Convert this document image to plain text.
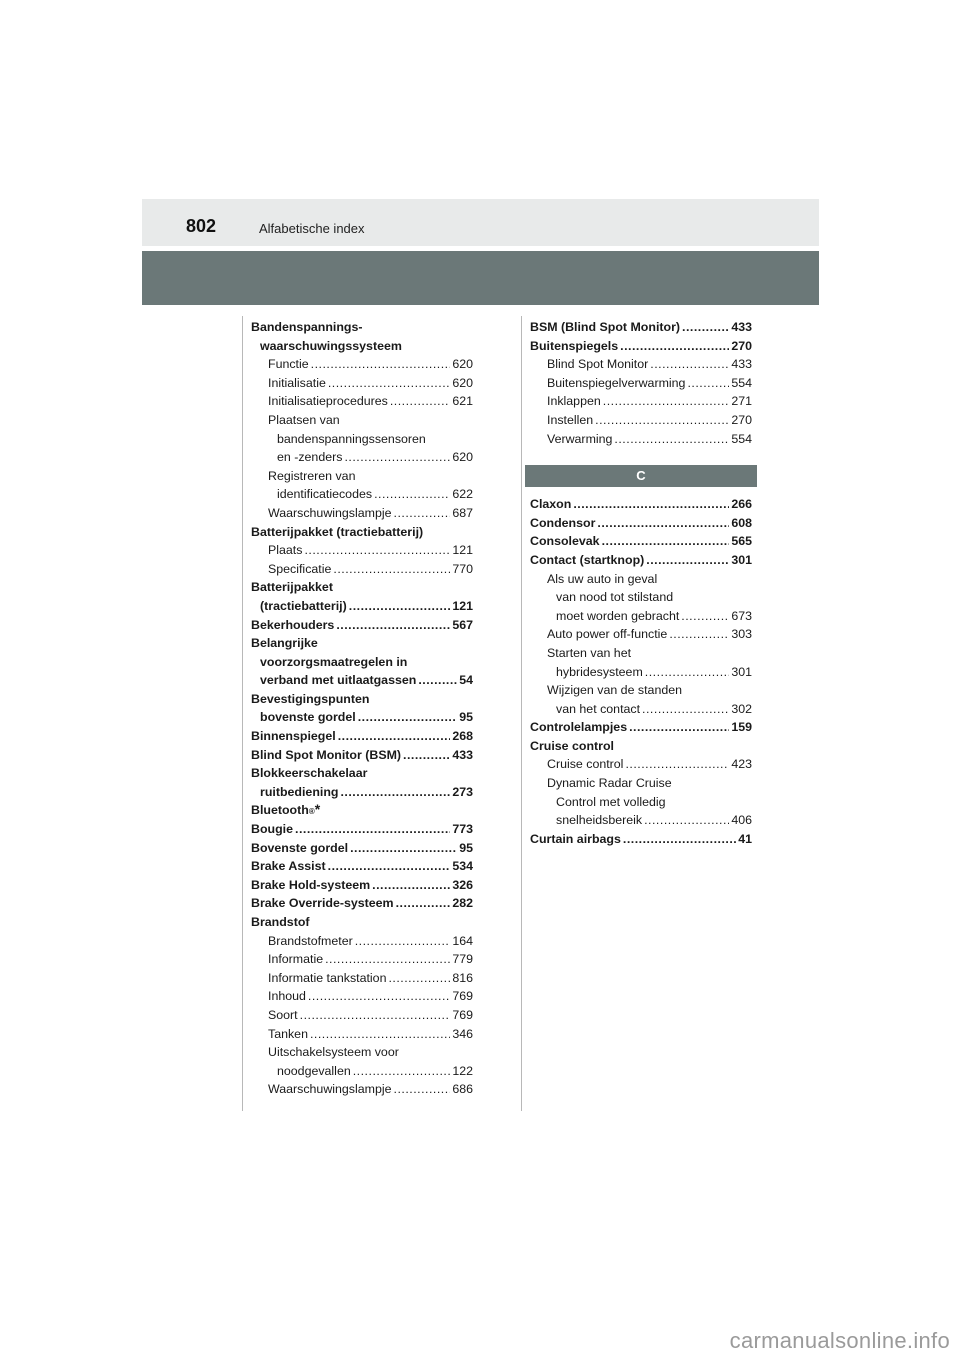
802	Alfabetische index
Bandenspannings-
waarschuwingssysteem
Functie .....	620
Initialisatie .....	620
Initialisatieprocedures .....	621
Plaatsen van
bandenspanningssensoren
en -zenders .....	620
Registreren van
identificatiecodes .....	622
Waarschuwingslampje .....	687
Batterijpakket (tractiebatterij)
Plaats .....	121
Specificatie .....	770
Batterijpakket
(tractiebatterij) .....	121
Bekerhouders .....	567
Belangrijke
voorzorgsmaatregelen in
verband met uitlaatgassen .....	54
Bevestigingspunten
bovenste gordel .....	95
Binnenspiegel .....	268
Blind Spot Monitor (BSM) .....	433
Blokkeerschakelaar
ruitbediening .....	273
Bluetooth ® *
Bougie .....	773
Bovenste gordel .....	95
Brake Assist .....	534
Brake Hold-systeem .....	326
Brake Override-systeem .....	282
Brandstof
Brandstofmeter .....	164
Informatie .....	779
Informatie tankstation .....	816
Inhoud .....	769
Soort .....	769
Tanken .....	346
Uitschakelsysteem voor
noodgevallen .....	122
Waarschuwingslampje .....	686
BSM (Blind Spot Monitor) .....	433
Buitenspiegels .....	270
Blind Spot Monitor .....	433
Buitenspiegelverwarming .....	554
Inklappen .....	271
Instellen .....	270
Verwarming .....	554
C
Claxon .....	266
Condensor .....	608
Consolevak .....	565
Contact (startknop) .....	301
Als uw auto in geval
van nood tot stilstand
moet worden gebracht .....	673
Auto power off-functie .....	303
Starten van het
hybridesysteem .....	301
Wijzigen van de standen
van het contact .....	302
Controlelampjes .....	159
Cruise control
Cruise control .....	423
Dynamic Radar Cruise
Control met volledig
snelheidsbereik .....	406
Curtain airbags .....	41
carmanualsonline.info
